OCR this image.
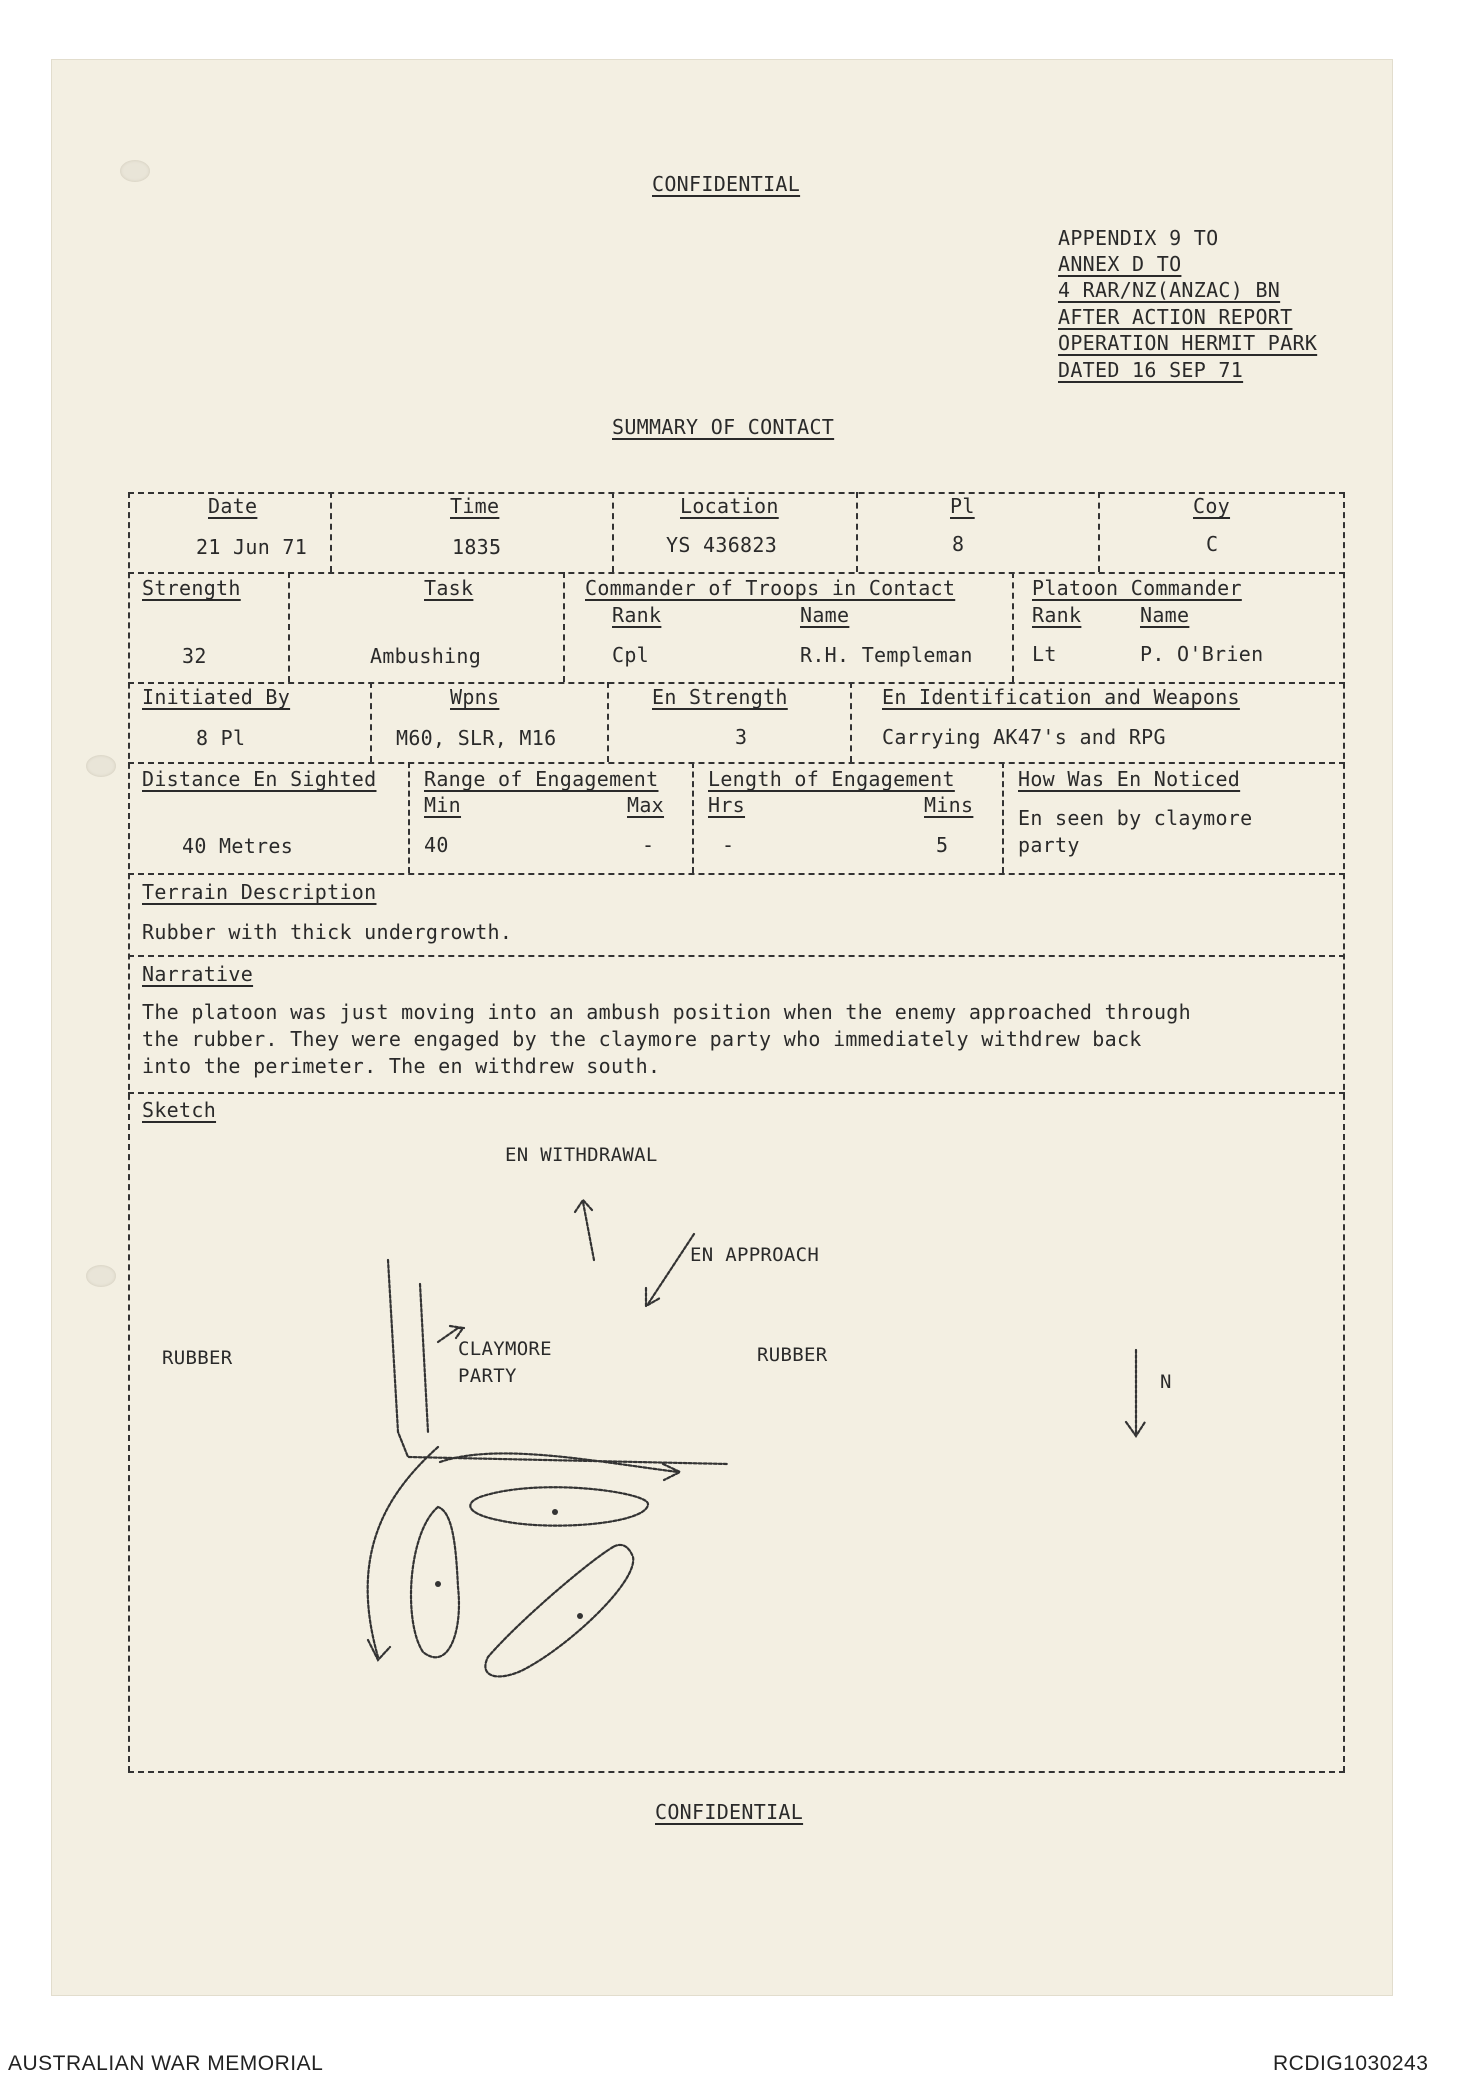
CONFIDENTIAL
APPENDIX 9 TO
ANNEX D TO
4 RAR/NZ(ANZAC) BN
AFTER ACTION REPORT
OPERATION HERMIT PARK
DATED 16 SEP 71
SUMMARY OF CONTACT
Date
21 Jun 71
Time
1835
Location
YS 436823
Pl
8
Coy
C
Strength
32
Task
Ambushing
Commander of Troops in Contact
Rank	Name
Cpl	R.H. Templeman
Platoon Commander
Rank	Name
Lt	P. O'Brien
Initiated By
8 Pl
Wpns
M60, SLR, M16
En Strength
3
En Identification and Weapons
Carrying AK47's and RPG
Distance En Sighted
40 Metres
Range of Engagement
Min	Max
40	-
Length of Engagement
Hrs	Mins
-	5
How Was En Noticed
En seen by claymore
party
Terrain Description
Rubber with thick undergrowth.
Narrative
The platoon was just moving into an ambush position when the enemy approached through
the rubber. They were engaged by the claymore party who immediately withdrew back
into the perimeter. The en withdrew south.
Sketch
EN WITHDRAWAL
EN APPROACH
RUBBER	RUBBER
CLAYMORE
PARTY	N
CONFIDENTIAL
AUSTRALIAN WAR MEMORIAL	RCDIG1030243
